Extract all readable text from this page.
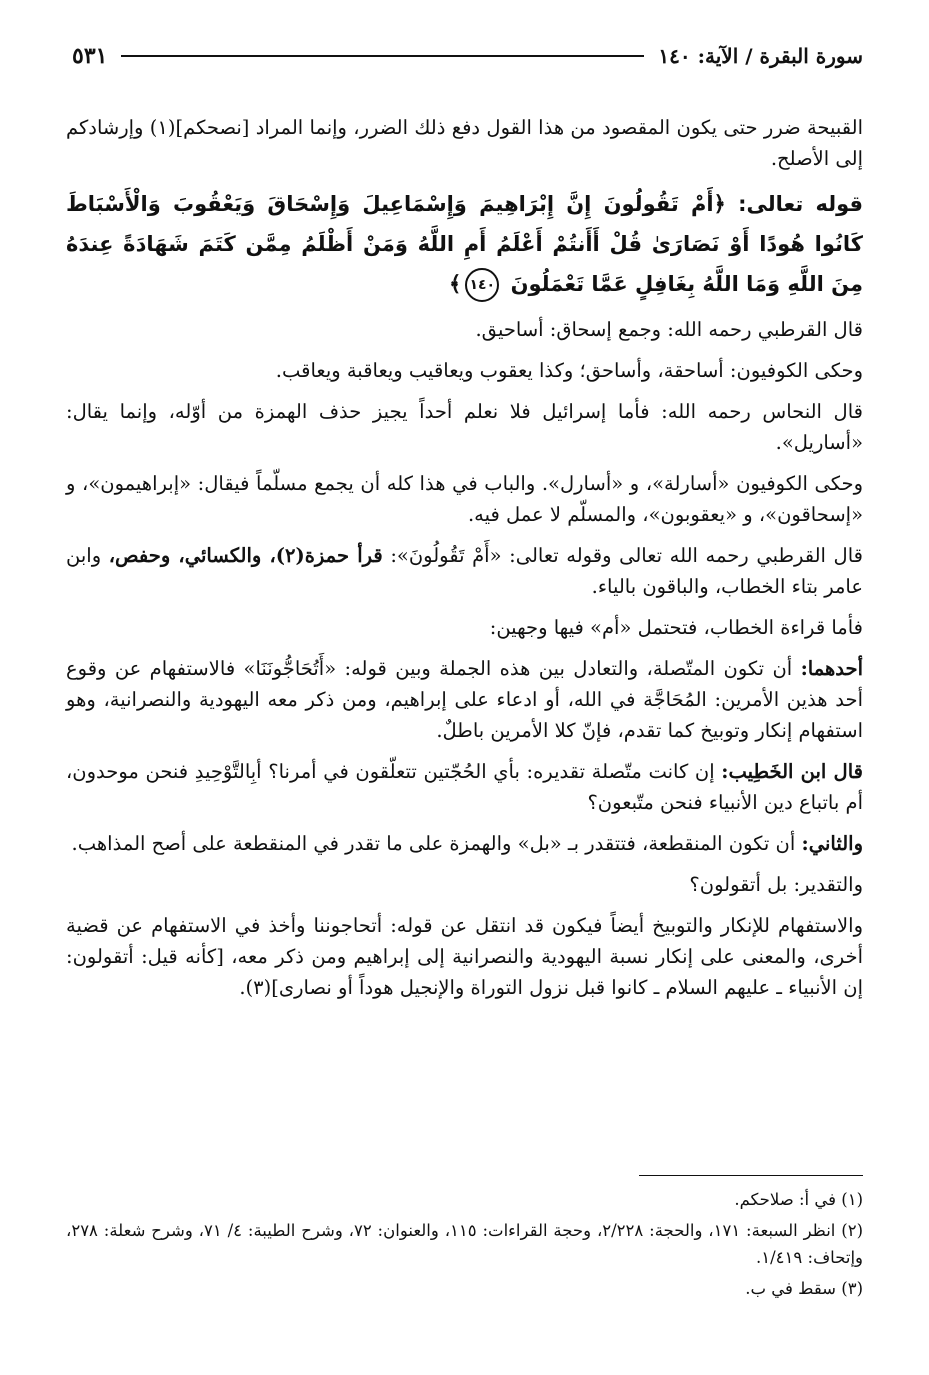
سورة البقرة / الآية: ١٤٠
٥٣١

القبيحة ضرر حتى يكون المقصود من هذا القول دفع ذلك الضرر، وإنما المراد [نصحكم](١) وإرشادكم إلى الأصلح.

قوله تعالى: ﴿أَمْ تَقُولُونَ إِنَّ إِبْرَاهِيمَ وَإِسْمَاعِيلَ وَإِسْحَاقَ وَيَعْقُوبَ وَالْأَسْبَاطَ كَانُوا هُودًا أَوْ نَصَارَىٰ قُلْ أَأَنتُمْ أَعْلَمُ أَمِ اللَّهُ وَمَنْ أَظْلَمُ مِمَّن كَتَمَ شَهَادَةً عِندَهُ مِنَ اللَّهِ وَمَا اللَّهُ بِغَافِلٍ عَمَّا تَعْمَلُونَ ١٤٠﴾

قال القرطبي رحمه الله: وجمع إسحاق: أساحيق.

وحكى الكوفيون: أساحقة، وأساحق؛ وكذا يعقوب ويعاقيب ويعاقبة ويعاقب.

قال النحاس رحمه الله: فأما إسرائيل فلا نعلم أحداً يجيز حذف الهمزة من أوّله، وإنما يقال: «أساريل».

وحكى الكوفيون «أسارلة»، و «أسارل». والباب في هذا كله أن يجمع مسلّماً فيقال: «إبراهيمون»، و «إسحاقون»، و «يعقوبون»، والمسلّم لا عمل فيه.

قال القرطبي رحمه الله تعالى وقوله تعالى: «أَمْ تَقُولُونَ»: قرأ حمزة(٢)، والكسائي، وحفص، وابن عامر بتاء الخطاب، والباقون بالياء.

فأما قراءة الخطاب، فتحتمل «أم» فيها وجهين:

أحدهما: أن تكون المتّصلة، والتعادل بين هذه الجملة وبين قوله: «أَتُحَاجُّونَنَا» فالاستفهام عن وقوع أحد هذين الأمرين: المُحَاجَّة في الله، أو ادعاء على إبراهيم، ومن ذكر معه اليهودية والنصرانية، وهو استفهام إنكار وتوبيخ كما تقدم، فإنّ كلا الأمرين باطلٌ.

قال ابن الخَطِيب: إن كانت متّصلة تقديره: بأي الحُجّتين تتعلّقون في أمرنا؟ أبِالتَّوْحِيدِ فنحن موحدون، أم باتباع دين الأنبياء فنحن متّبعون؟

والثاني: أن تكون المنقطعة، فتتقدر بـ «بل» والهمزة على ما تقدر في المنقطعة على أصح المذاهب.

والتقدير: بل أتقولون؟

والاستفهام للإنكار والتوبيخ أيضاً فيكون قد انتقل عن قوله: أتحاجوننا وأخذ في الاستفهام عن قضية أخرى، والمعنى على إنكار نسبة اليهودية والنصرانية إلى إبراهيم ومن ذكر معه، [كأنه قيل: أتقولون: إن الأنبياء ـ عليهم السلام ـ كانوا قبل نزول التوراة والإنجيل هوداً أو نصارى](٣).

(١) في أ: صلاحكم.

(٢) انظر السبعة: ١٧١، والحجة: ٢/٢٢٨، وحجة القراءات: ١١٥، والعنوان: ٧٢، وشرح الطيبة: ٤/ ٧١، وشرح شعلة: ٢٧٨، وإتحاف: ١/٤١٩.

(٣) سقط في ب.
